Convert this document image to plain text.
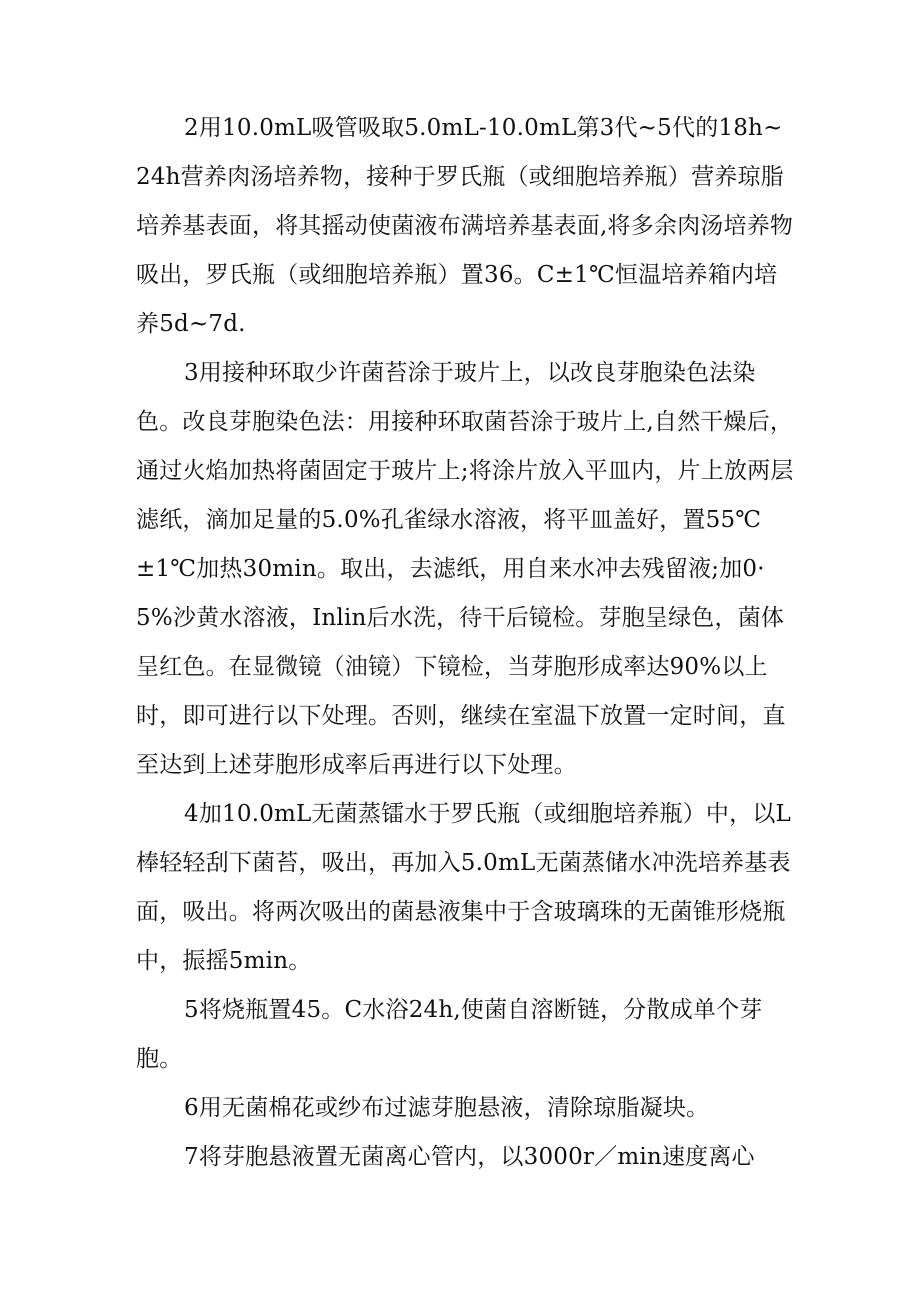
2用10.0mL吸管吸取5.0mL-10.0mL第3代~5代的18h~24h营养肉汤培养物，接种于罗氏瓶（或细胞培养瓶）营养琼脂培养基表面，将其摇动使菌液布满培养基表面,将多余肉汤培养物吸出，罗氏瓶（或细胞培养瓶）置36。C±1℃恒温培养箱内培养5d~7d.

3用接种环取少许菌苔涂于玻片上，以改良芽胞染色法染色。改良芽胞染色法：用接种环取菌苔涂于玻片上,自然干燥后，通过火焰加热将菌固定于玻片上;将涂片放入平皿内，片上放两层滤纸，滴加足量的5.0%孔雀绿水溶液，将平皿盖好，置55℃±1℃加热30min。取出，去滤纸，用自来水冲去残留液;加0·5%沙黄水溶液，Inlin后水洗，待干后镜检。芽胞呈绿色，菌体呈红色。在显微镜（油镜）下镜检，当芽胞形成率达90%以上时，即可进行以下处理。否则，继续在室温下放置一定时间，直至达到上述芽胞形成率后再进行以下处理。

4加10.0mL无菌蒸镭水于罗氏瓶（或细胞培养瓶）中，以L棒轻轻刮下菌苔，吸出，再加入5.0mL无菌蒸储水冲洗培养基表面，吸出。将两次吸出的菌悬液集中于含玻璃珠的无菌锥形烧瓶中，振摇5min。

5将烧瓶置45。C水浴24h,使菌自溶断链，分散成单个芽胞。

6用无菌棉花或纱布过滤芽胞悬液，清除琼脂凝块。

7将芽胞悬液置无菌离心管内，以3000r／min速度离心
